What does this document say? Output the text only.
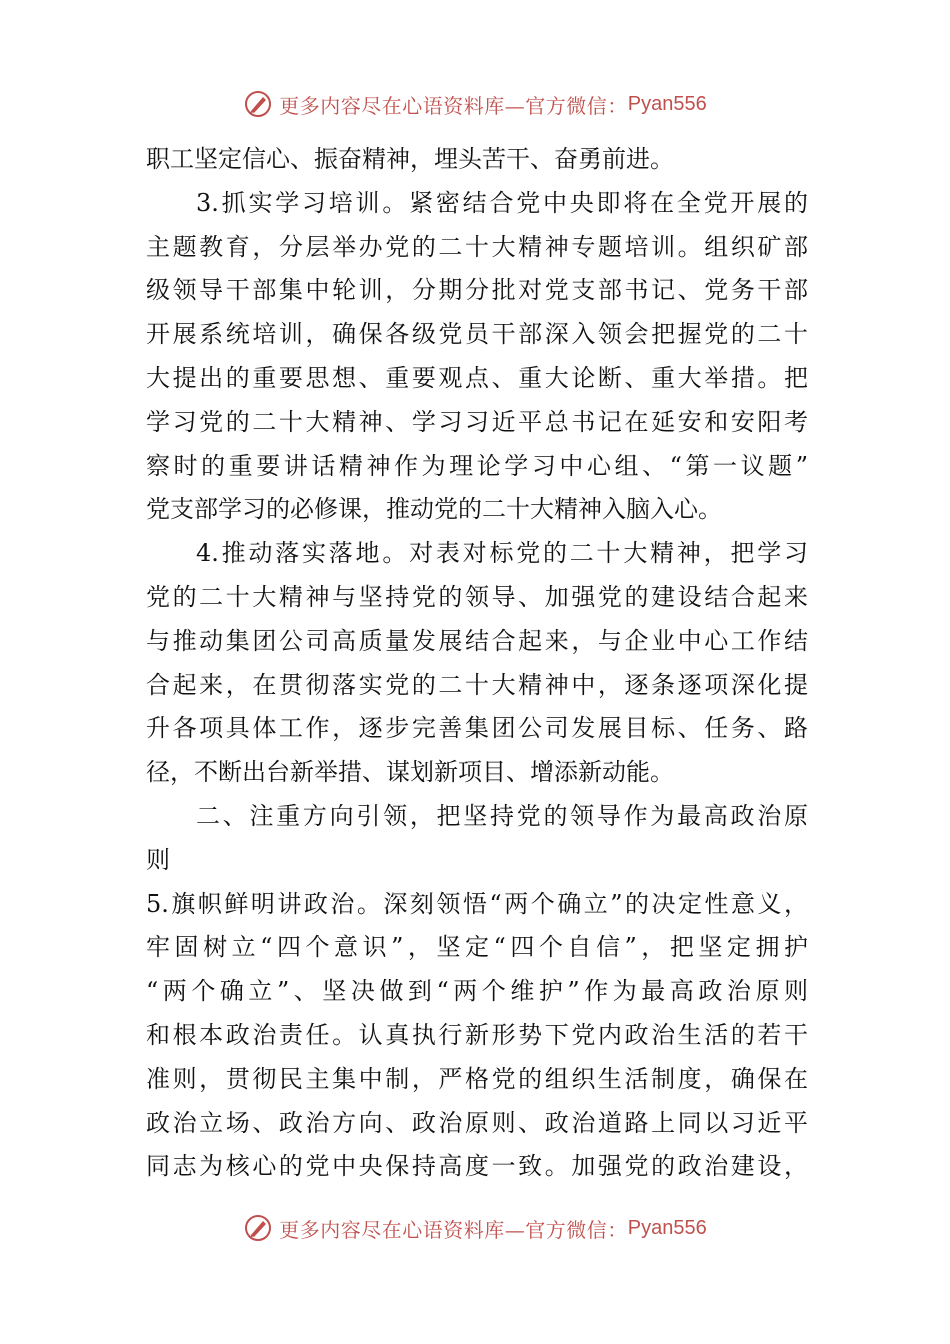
更多内容尽在心语资料库—官方微信： Pyan556
职工坚定信心、振奋精神，埋头苦干、奋勇前进。
3.抓实学习培训。紧密结合党中央即将在全党开展的
主题教育，分层举办党的二十大精神专题培训。组织矿部
级领导干部集中轮训，分期分批对党支部书记、党务干部
开展系统培训，确保各级党员干部深入领会把握党的二十
大提出的重要思想、重要观点、重大论断、重大举措。把
学习党的二十大精神、学习习近平总书记在延安和安阳考
察时的重要讲话精神作为理论学习中心组、“第一议题”
党支部学习的必修课，推动党的二十大精神入脑入心。
4.推动落实落地。对表对标党的二十大精神，把学习
党的二十大精神与坚持党的领导、加强党的建设结合起来
与推动集团公司高质量发展结合起来，与企业中心工作结
合起来，在贯彻落实党的二十大精神中，逐条逐项深化提
升各项具体工作，逐步完善集团公司发展目标、任务、路
径，不断出台新举措、谋划新项目、增添新动能。
二、注重方向引领，把坚持党的领导作为最高政治原
则
5.旗帜鲜明讲政治。深刻领悟“两个确立”的决定性意义，
牢固树立“四个意识”，坚定“四个自信”，把坚定拥护
“两个确立”、坚决做到“两个维护”作为最高政治原则
和根本政治责任。认真执行新形势下党内政治生活的若干
准则，贯彻民主集中制，严格党的组织生活制度，确保在
政治立场、政治方向、政治原则、政治道路上同以习近平
同志为核心的党中央保持高度一致。加强党的政治建设，
更多内容尽在心语资料库—官方微信： Pyan556
